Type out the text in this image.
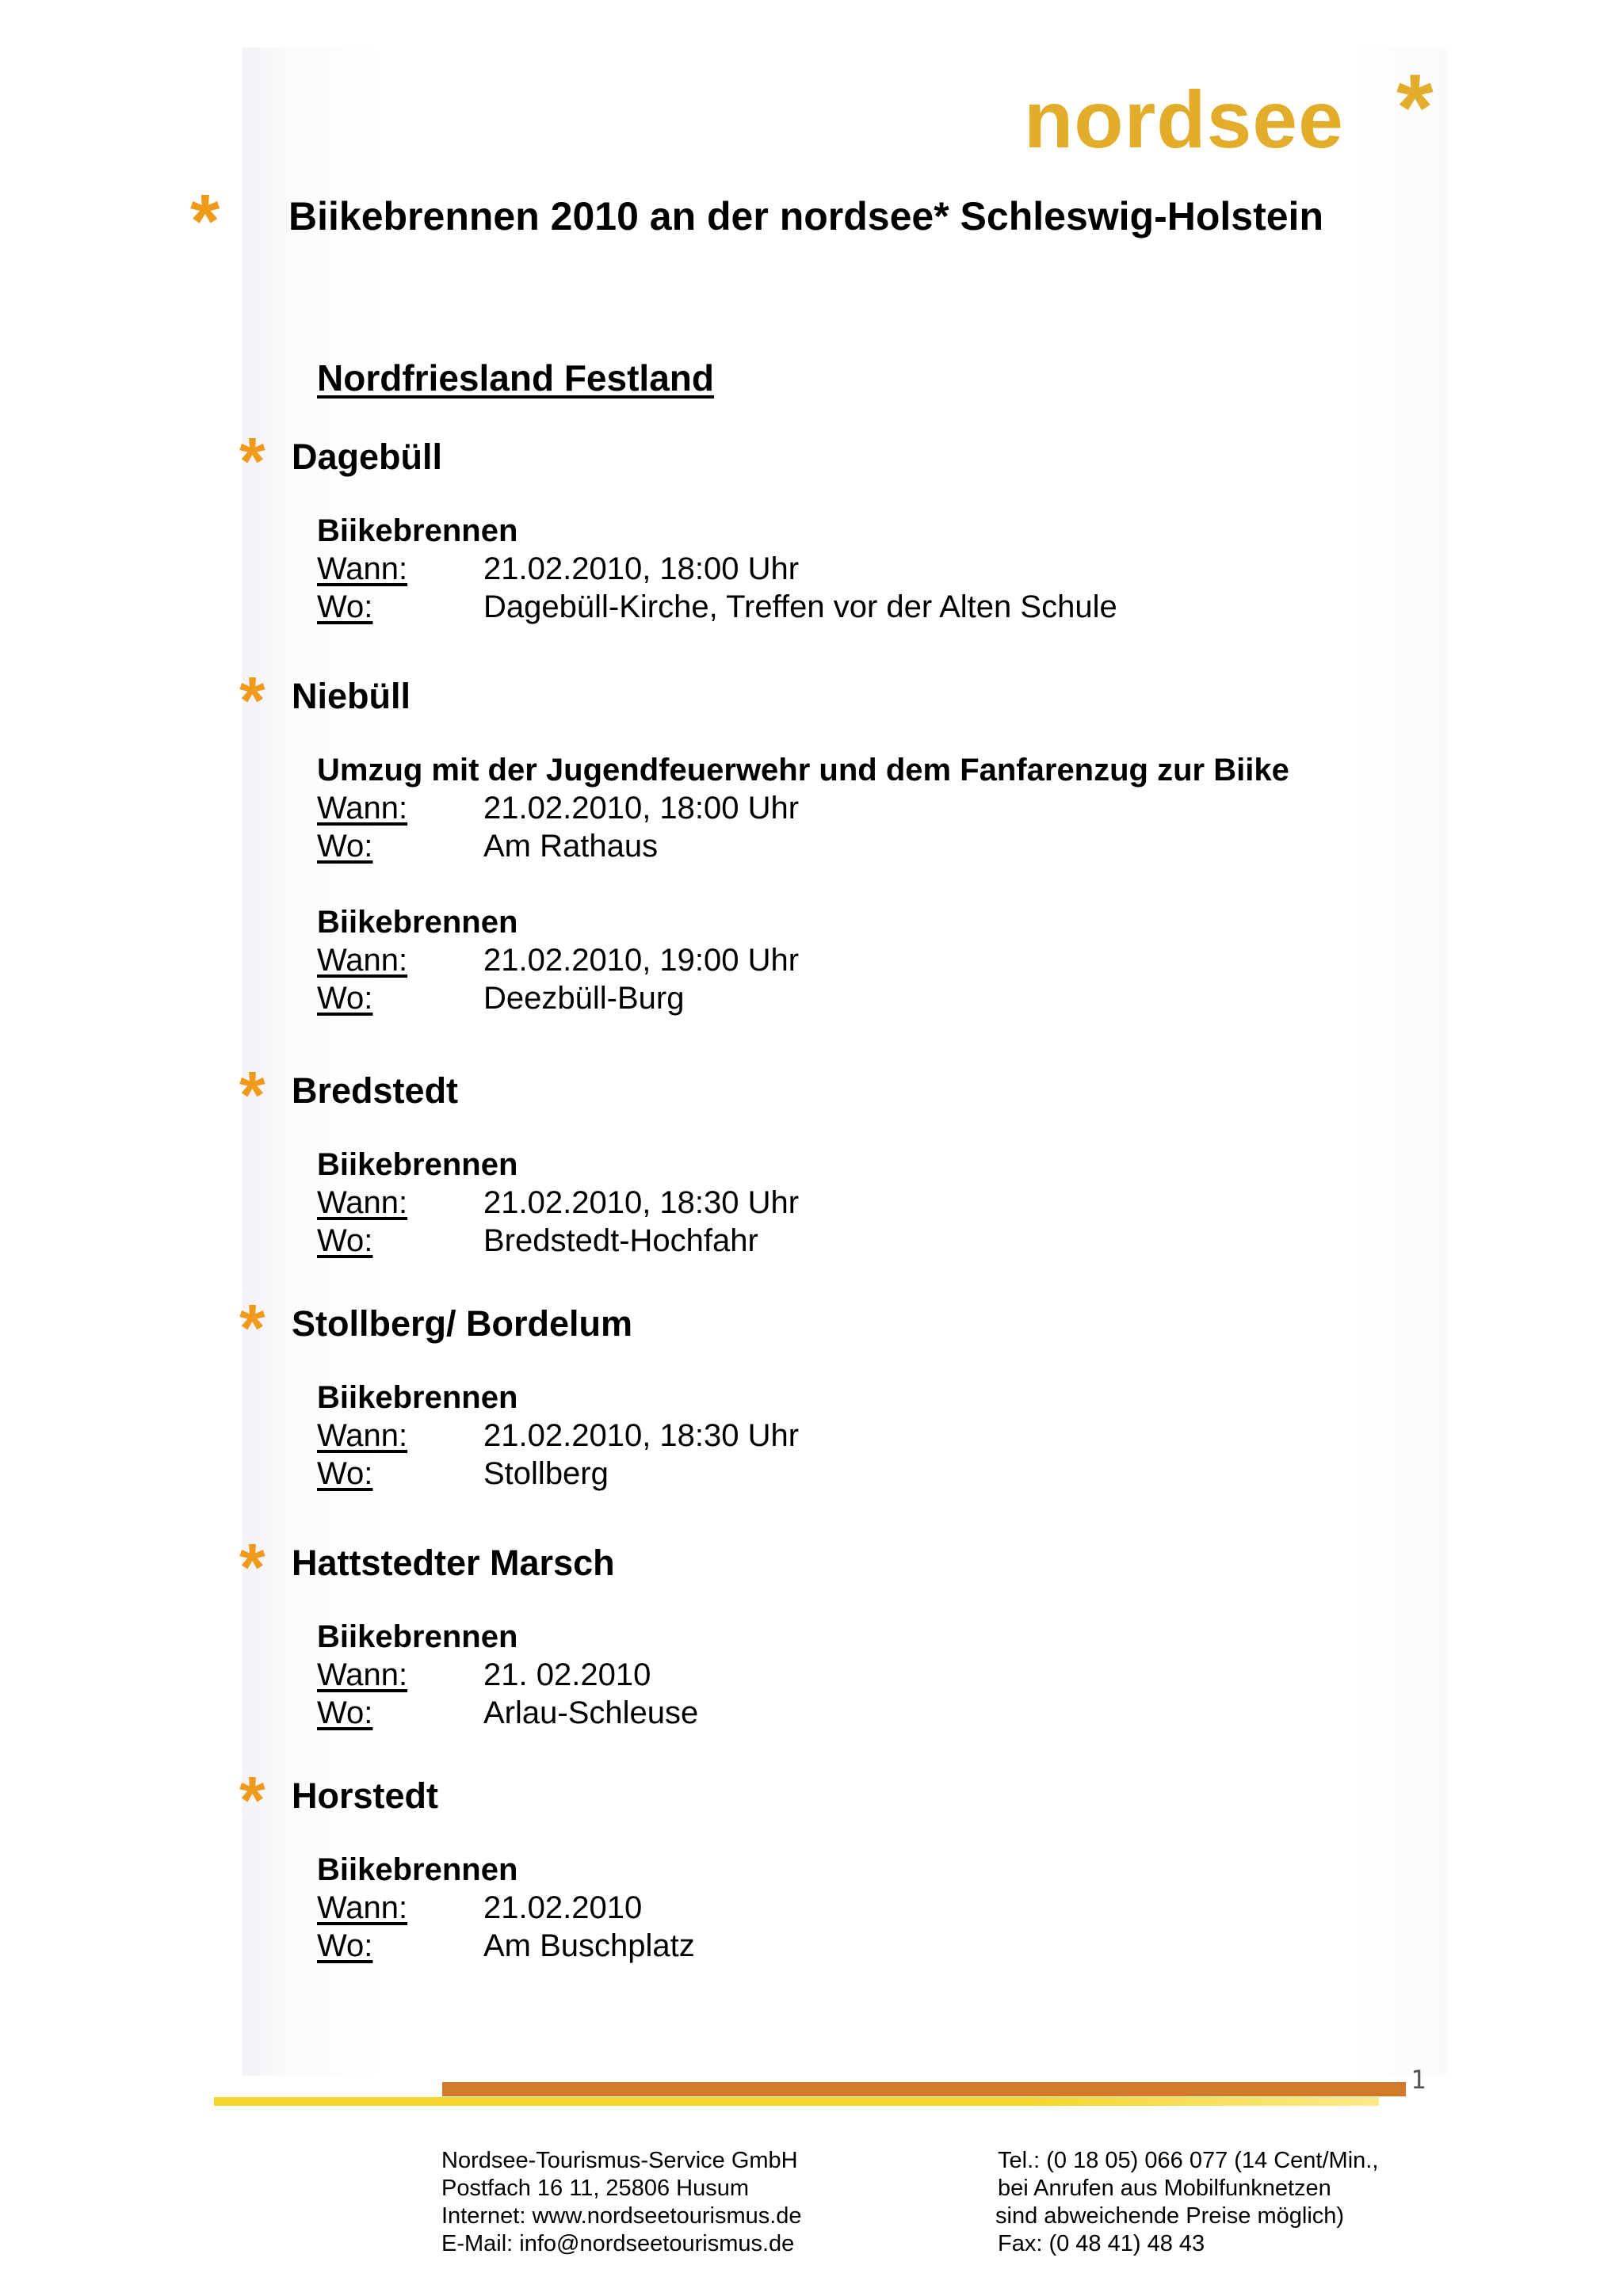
nordsee *
* Biikebrennen 2010 an der nordsee* Schleswig-Holstein
Nordfriesland Festland
* Dagebüll
Biikebrennen
Wann:	21.02.2010, 18:00 Uhr
Wo:	Dagebüll-Kirche, Treffen vor der Alten Schule
* Niebüll
Umzug mit der Jugendfeuerwehr und dem Fanfarenzug zur Biike
Wann:	21.02.2010, 18:00 Uhr
Wo:	Am Rathaus
Biikebrennen
Wann:	21.02.2010, 19:00 Uhr
Wo:	Deezbüll-Burg
* Bredstedt
Biikebrennen
Wann:	21.02.2010, 18:30 Uhr
Wo:	Bredstedt-Hochfahr
* Stollberg/ Bordelum
Biikebrennen
Wann:	21.02.2010, 18:30 Uhr
Wo:	Stollberg
* Hattstedter Marsch
Biikebrennen
Wann:	21. 02.2010
Wo:	Arlau-Schleuse
* Horstedt
Biikebrennen
Wann:	21.02.2010
Wo:	Am Buschplatz
1
Nordsee-Tourismus-Service GmbH
Postfach 16 11, 25806 Husum
Internet: www.nordseetourismus.de
E-Mail: info@nordseetourismus.de
Tel.: (0 18 05) 066 077 (14 Cent/Min.,
bei Anrufen aus Mobilfunknetzen
sind abweichende Preise möglich)
Fax: (0 48 41) 48 43
